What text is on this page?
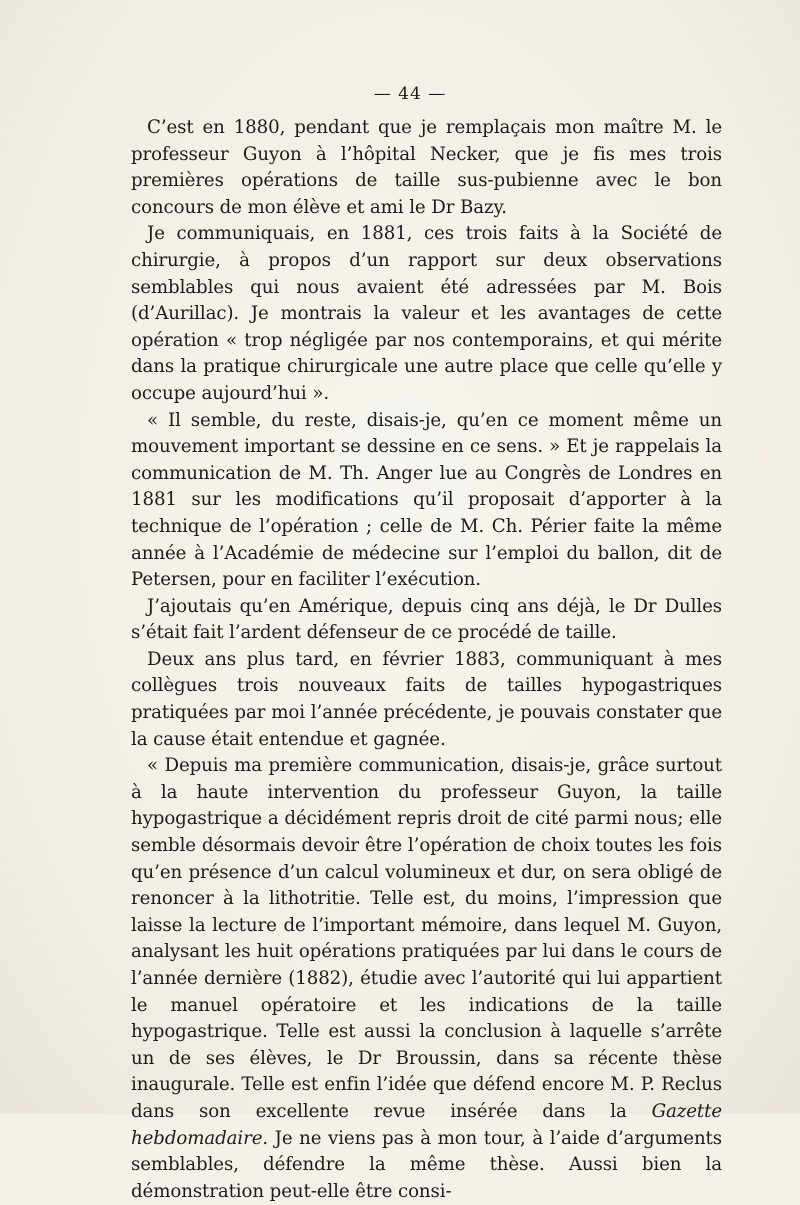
— 44 —

C’est en 1880, pendant que je remplaçais mon maître M. le professeur Guyon à l’hôpital Necker, que je fis mes trois premières opérations de taille sus-pubienne avec le bon concours de mon élève et ami le Dr Bazy.

Je communiquais, en 1881, ces trois faits à la Société de chirurgie, à propos d’un rapport sur deux observations semblables qui nous avaient été adressées par M. Bois (d’Aurillac). Je montrais la valeur et les avantages de cette opération « trop négligée par nos contemporains, et qui mérite dans la pratique chirurgicale une autre place que celle qu’elle y occupe aujourd’hui ».

« Il semble, du reste, disais-je, qu’en ce moment même un mouvement important se dessine en ce sens. » Et je rappelais la communication de M. Th. Anger lue au Congrès de Londres en 1881 sur les modifications qu’il proposait d’apporter à la technique de l’opération ; celle de M. Ch. Périer faite la même année à l’Académie de médecine sur l’emploi du ballon, dit de Petersen, pour en faciliter l’exécution.

J’ajoutais qu’en Amérique, depuis cinq ans déjà, le Dr Dulles s’était fait l’ardent défenseur de ce procédé de taille.

Deux ans plus tard, en février 1883, communiquant à mes collègues trois nouveaux faits de tailles hypogastriques pratiquées par moi l’année précédente, je pouvais constater que la cause était entendue et gagnée.

« Depuis ma première communication, disais-je, grâce surtout à la haute intervention du professeur Guyon, la taille hypogastrique a décidément repris droit de cité parmi nous; elle semble désormais devoir être l’opération de choix toutes les fois qu’en présence d’un calcul volumineux et dur, on sera obligé de renoncer à la lithotritie. Telle est, du moins, l’impression que laisse la lecture de l’important mémoire, dans lequel M. Guyon, analysant les huit opérations pratiquées par lui dans le cours de l’année dernière (1882), étudie avec l’autorité qui lui appartient le manuel opératoire et les indications de la taille hypogastrique. Telle est aussi la conclusion à laquelle s’arrête un de ses élèves, le Dr Broussin, dans sa récente thèse inaugurale. Telle est enfin l’idée que défend encore M. P. Reclus dans son excellente revue insérée dans la Gazette hebdomadaire. Je ne viens pas à mon tour, à l’aide d’arguments semblables, défendre la même thèse. Aussi bien la démonstration peut-elle être consi-
